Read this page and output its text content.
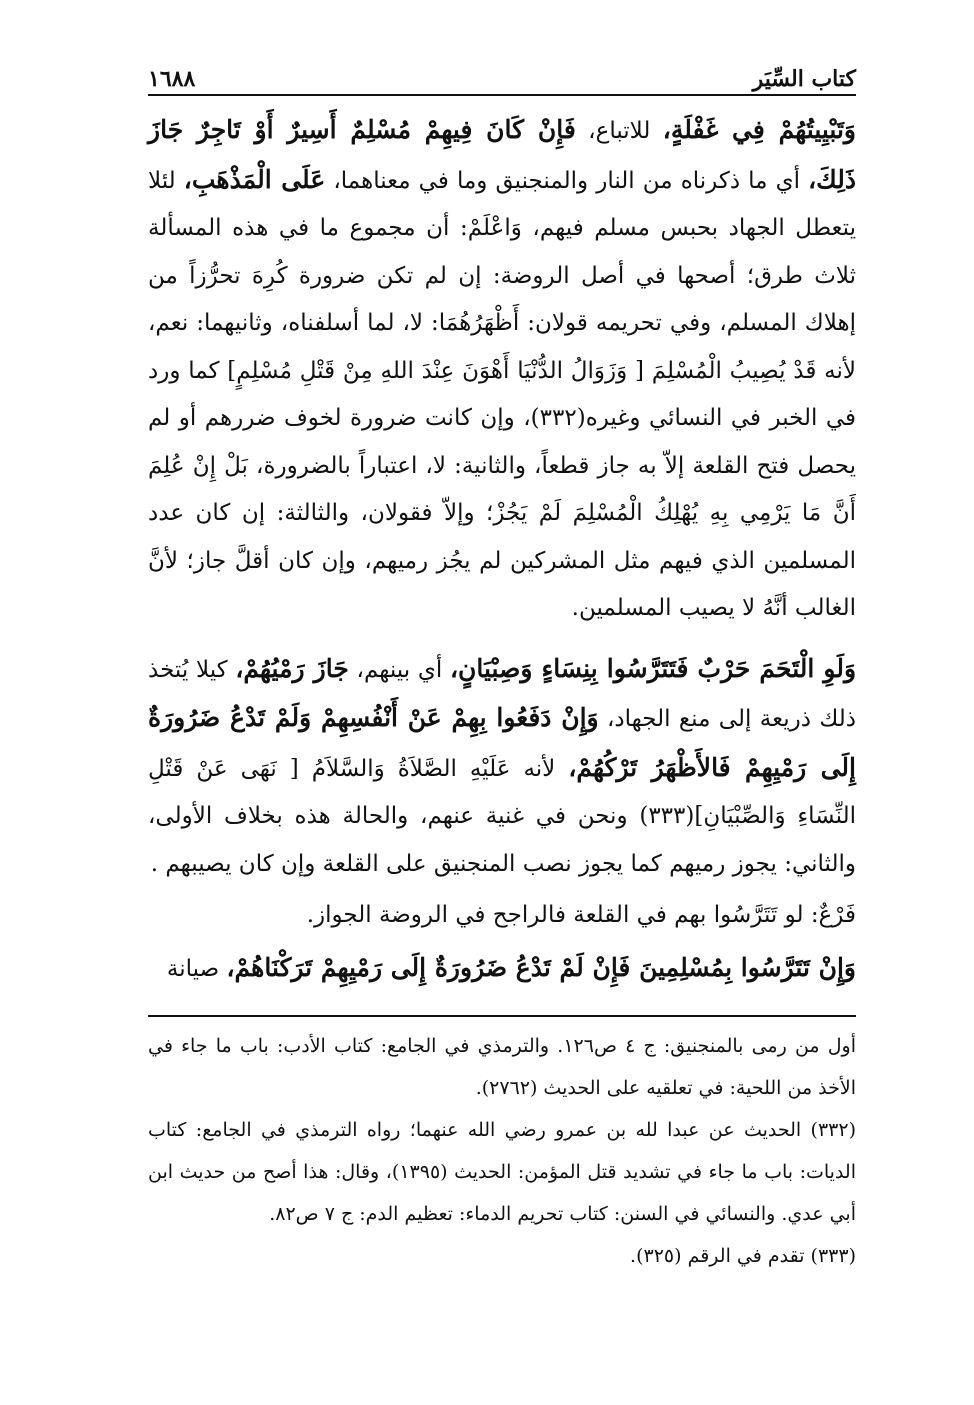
كتاب السِّيَر
١٦٨٨

وَتَبْيِيتُهُمْ فِي غَفْلَةٍ، للاتباع، فَإِنْ كَانَ فِيهِمْ مُسْلِمٌ أَسِيرٌ أَوْ تَاجِرٌ جَازَ ذَلِكَ، أي ما ذكرناه من النار والمنجنيق وما في معناهما، عَلَى الْمَذْهَبِ، لئلا يتعطل الجهاد بحبس مسلم فيهم، وَاعْلَمْ: أن مجموع ما في هذه المسألة ثلاث طرق؛ أصحها في أصل الروضة: إن لم تكن ضرورة كُرِهَ تحرُّزاً من إهلاك المسلم، وفي تحريمه قولان: أَظْهَرُهُمَا: لا، لما أسلفناه، وثانيهما: نعم، لأنه قَدْ يُصِيبُ الْمُسْلِمَ [ وَزَوَالُ الدُّنْيَا أَهْوَنَ عِنْدَ اللهِ مِنْ قَتْلِ مُسْلِمٍ] كما ورد في الخبر في النسائي وغيره(٣٣٢)، وإن كانت ضرورة لخوف ضررهم أو لم يحصل فتح القلعة إلاّ به جاز قطعاً، والثانية: لا، اعتباراً بالضرورة، بَلْ إِنْ عُلِمَ أَنَّ مَا يَرْمِي بِهِ يُهْلِكُ الْمُسْلِمَ لَمْ يَجُزْ؛ وإلاّ فقولان، والثالثة: إن كان عدد المسلمين الذي فيهم مثل المشركين لم يجُز رميهم، وإن كان أقلَّ جاز؛ لأنَّ الغالب أنَّهُ لا يصيب المسلمين.

وَلَوِ الْتَحَمَ حَرْبٌ فَتَتَرَّسُوا بِنِسَاءٍ وَصِبْيَانٍ، أي بينهم، جَازَ رَمْيُهُمْ، كيلا يُتخذ ذلك ذريعة إلى منع الجهاد، وَإِنْ دَفَعُوا بِهِمْ عَنْ أَنْفُسِهِمْ وَلَمْ تَدْعُ ضَرُورَةٌ إِلَى رَمْيِهِمْ فَالأَظْهَرُ تَرْكُهُمْ، لأنه عَلَيْهِ الصَّلاَةُ وَالسَّلاَمُ [ نَهَى عَنْ قَتْلِ النِّسَاءِ وَالصِّبْيَانِ](٣٣٣) ونحن في غنية عنهم، والحالة هذه بخلاف الأولى، والثاني: يجوز رميهم كما يجوز نصب المنجنيق على القلعة وإن كان يصيبهم .

فَرْعٌ: لو تَتَرَّسُوا بهم في القلعة فالراجح في الروضة الجواز.

وَإِنْ تَتَرَّسُوا بِمُسْلِمِينَ فَإِنْ لَمْ تَدْعُ ضَرُورَةٌ إِلَى رَمْيِهِمْ تَرَكْنَاهُمْ، صيانة

أول من رمى بالمنجنيق: ج ٤ ص١٢٦. والترمذي في الجامع: كتاب الأدب: باب ما جاء في الأخذ من اللحية: في تعلقيه على الحديث (٢٧٦٢).

(٣٣٢) الحديث عن عبدا لله بن عمرو رضي الله عنهما؛ رواه الترمذي في الجامع: كتاب الديات: باب ما جاء في تشديد قتل المؤمن: الحديث (١٣٩٥)، وقال: هذا أصح من حديث ابن أبي عدي. والنسائي في السنن: كتاب تحريم الدماء: تعظيم الدم: ج ٧ ص٨٢.

(٣٣٣) تقدم في الرقم (٣٢٥).
